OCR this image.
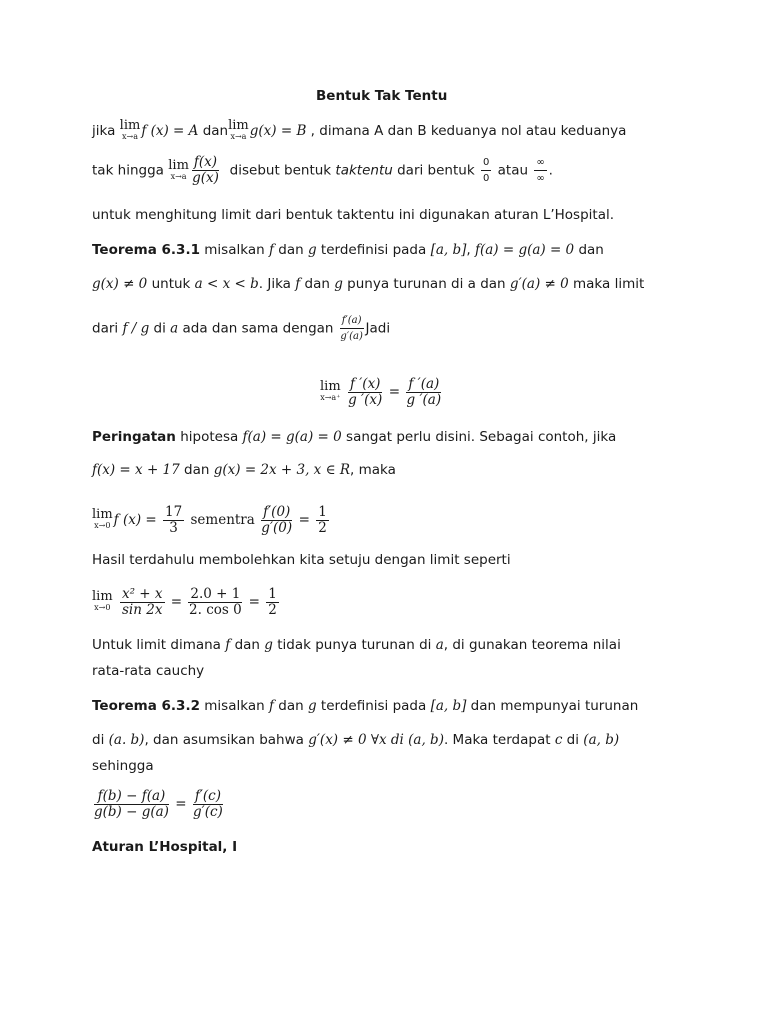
Bentuk Tak Tentu
jika lim
x→a f (x) = A dan lim
x→a g(x) = B , dimana A dan B keduanya nol atau keduanya
tak hingga lim
$x\to a \frac{f(x)}{g(x)}$ disebut bentuk taktentu dari bentuk $\frac{0}{0}$ atau $\frac{\infty}{\infty}$ .
untuk menghitung limit dari bentuk taktentu ini digunakan aturan L’Hospital.
Teorema 6.3.1 misalkan f dan g terdefinisi pada [a, b], f(a) = g(a) = 0 dan
g(x) ≠ 0 untuk a < x < b. Jika f dan g punya turunan di a dan g′(a) ≠ 0 maka limit
dari f / g di a ada dan sama dengan $\frac{f'(a)}{g'(a)}$ Jadi
lim
x→a⁺
$\frac{f '(x)}{g '(x)} = \frac{f '(a)}{g '(a)}$
Peringatan hipotesa f(a) = g(a) = 0 sangat perlu disini. Sebagai contoh, jika
f(x) = x + 17 dan g(x) = 2x + 3, x ∈ R, maka
lim
x→0 f $(x) = \frac{17}{3}$ sementra $\frac{f'(0)}{g'(0)} = \frac{1}{2}$
Hasil terdahulu membolehkan kita setuju dengan limit seperti
lim
x→0
$\frac{\text{x² + x}}{\sin 2x} = \frac{2.0 + 1}{2. \cos 0} = \frac{1}{2}$
Untuk limit dimana f dan g tidak punya turunan di a, di gunakan teorema nilai
rata-rata cauchy
Teorema 6.3.2 misalkan f dan g terdefinisi pada [a, b] dan mempunyai turunan
di (a. b), dan asumsikan bahwa g′(x) ≠ 0 ∀x di (a, b). Maka terdapat c di (a, b)
sehingga
$\frac{f(b) - f(a)}{g(b) - g(a)} = \frac{f'(c)}{g'(c)}$
Aturan L’Hospital, I
